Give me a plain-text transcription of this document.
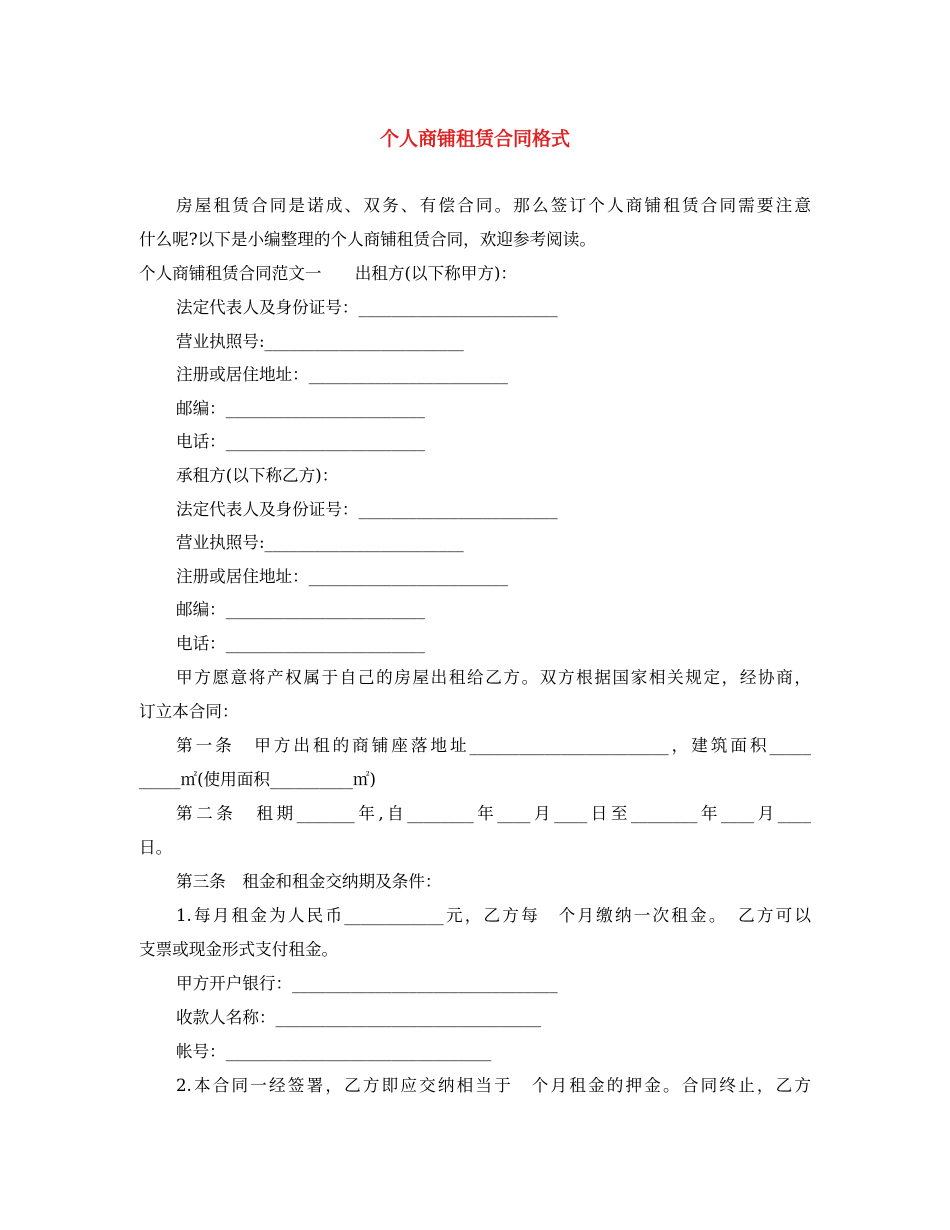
个人商铺租赁合同格式

房屋租赁合同是诺成、双务、有偿合同。那么签订个人商铺租赁合同需要注意

什么呢?以下是小编整理的个人商铺租赁合同，欢迎参考阅读。

个人商铺租赁合同范文一　　出租方(以下称甲方)：

法定代表人及身份证号：________________________

营业执照号:________________________

注册或居住地址：________________________

邮编：________________________

电话：________________________

承租方(以下称乙方)：

法定代表人及身份证号：________________________

营业执照号:________________________

注册或居住地址：________________________

邮编：________________________

电话：________________________

甲方愿意将产权属于自己的房屋出租给乙方。双方根据国家相关规定，经协商，

订立本合同：

第一条　甲方出租的商铺座落地址________________________，建筑面积_____

_____㎡(使用面积__________㎡)

第二条　租期_______年,自________年____月____日至________年____月____

日。

第三条　租金和租金交纳期及条件：

1.每月租金为人民币____________元，乙方每　个月缴纳一次租金。　乙方可以

支票或现金形式支付租金。

甲方开户银行：________________________________

收款人名称：________________________________

帐号：________________________________

2.本合同一经签署，乙方即应交纳相当于　个月租金的押金。合同终止，乙方
